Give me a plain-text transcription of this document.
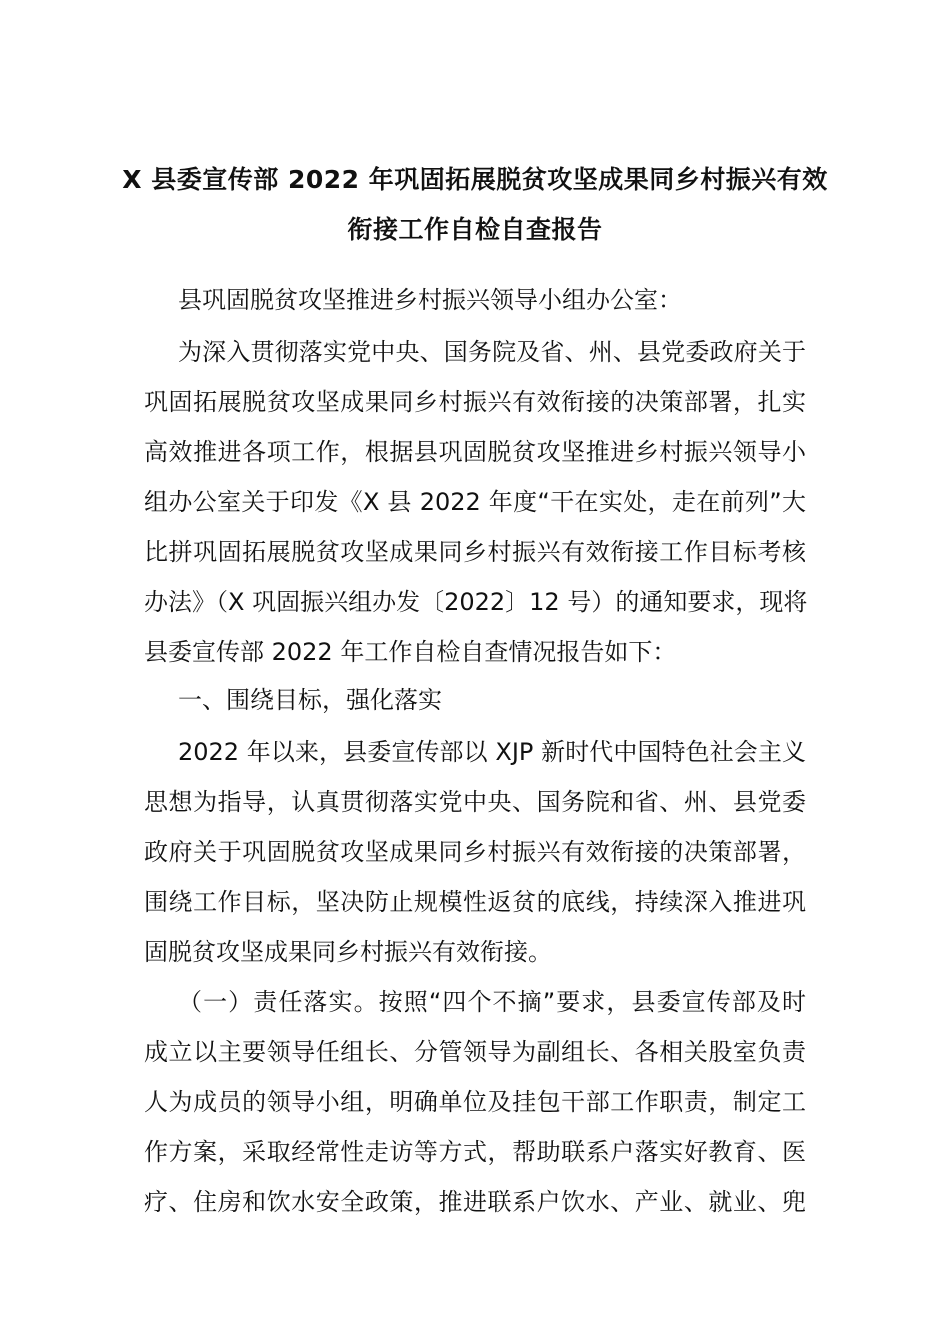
X 县委宣传部 2022 年巩固拓展脱贫攻坚成果同乡村振兴有效
衔接工作自检自查报告
县巩固脱贫攻坚推进乡村振兴领导小组办公室：
为深入贯彻落实党中央、国务院及省、州、县党委政府关于
巩固拓展脱贫攻坚成果同乡村振兴有效衔接的决策部署，扎实
高效推进各项工作，根据县巩固脱贫攻坚推进乡村振兴领导小
组办公室关于印发《X 县 2022 年度“干在实处，走在前列”大
比拼巩固拓展脱贫攻坚成果同乡村振兴有效衔接工作目标考核
办法》（X 巩固振兴组办发〔2022〕12 号）的通知要求，现将
县委宣传部 2022 年工作自检自查情况报告如下：
一、围绕目标，强化落实
2022 年以来，县委宣传部以 XJP 新时代中国特色社会主义
思想为指导，认真贯彻落实党中央、国务院和省、州、县党委
政府关于巩固脱贫攻坚成果同乡村振兴有效衔接的决策部署，
围绕工作目标，坚决防止规模性返贫的底线，持续深入推进巩
固脱贫攻坚成果同乡村振兴有效衔接。
（一）责任落实。按照“四个不摘”要求，县委宣传部及时
成立以主要领导任组长、分管领导为副组长、各相关股室负责
人为成员的领导小组，明确单位及挂包干部工作职责，制定工
作方案，采取经常性走访等方式，帮助联系户落实好教育、医
疗、住房和饮水安全政策，推进联系户饮水、产业、就业、兜
